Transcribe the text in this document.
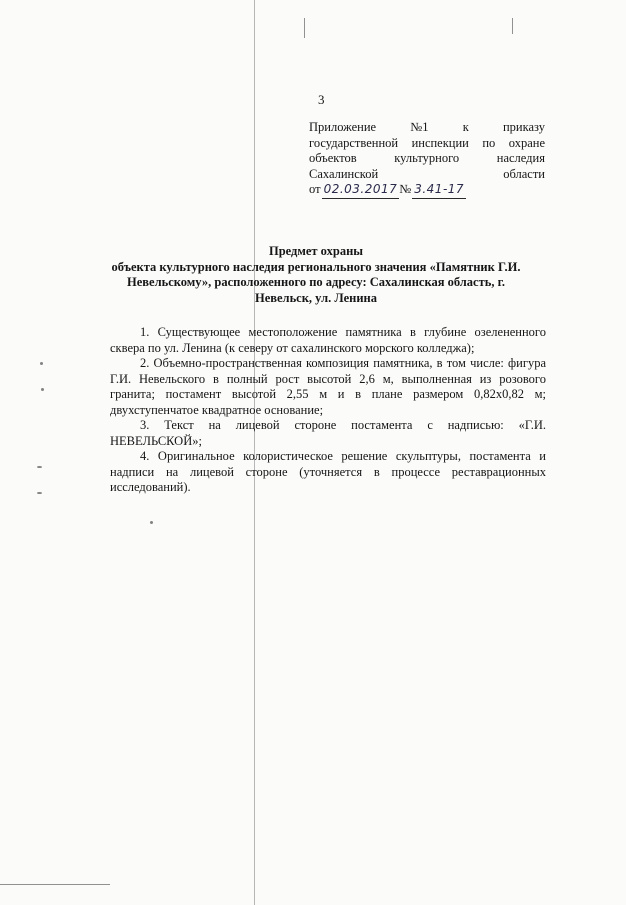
3
Приложение	№1	к	приказу
государственной инспекции по охране
объектов	культурного	наследия
Сахалинской	области
от 02.03.2017 № 3.41-17
Предмет охраны
объекта культурного наследия регионального значения «Памятник Г.И.
Невельскому», расположенного по адресу: Сахалинская область, г.
Невельск, ул. Ленина

1. Существующее местоположение памятника в глубине озелененного сквера по ул. Ленина (к северу от сахалинского морского колледжа);

2. Объемно-пространственная композиция памятника, в том числе: фигура Г.И. Невельского в полный рост высотой 2,6 м, выполненная из розового гранита; постамент высотой 2,55 м и в плане размером 0,82х0,82 м; двухступенчатое квадратное основание;

3. Текст на лицевой стороне постамента с надписью: «Г.И. НЕВЕЛЬСКОЙ»;

4. Оригинальное колористическое решение скульптуры, постамента и надписи на лицевой стороне (уточняется в процессе реставрационных исследований).
